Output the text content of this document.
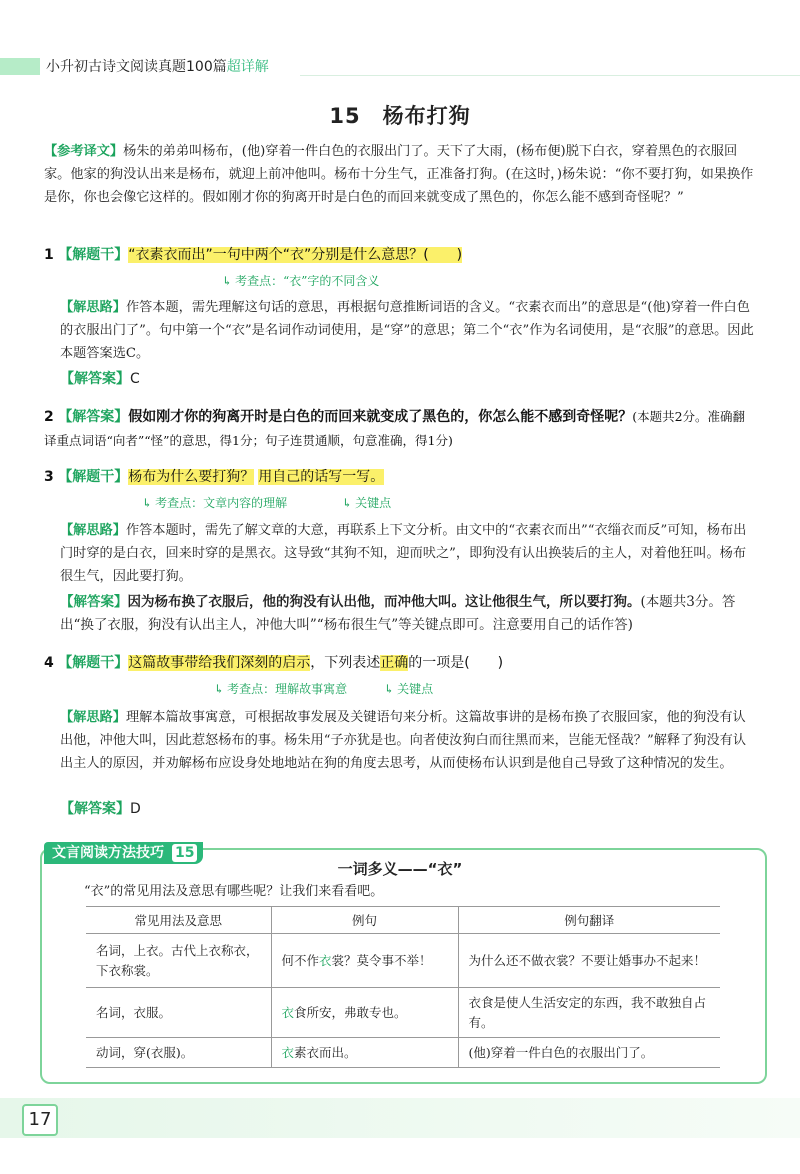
小升初古诗文阅读真题100篇超详解
15　杨布打狗
【参考译文】杨朱的弟弟叫杨布，(他)穿着一件白色的衣服出门了。天下了大雨，(杨布便)脱下白衣，穿着黑色的衣服回家。他家的狗没认出来是杨布，就迎上前冲他叫。杨布十分生气，正准备打狗。(在这时，)杨朱说：“你不要打狗，如果换作是你，你也会像它这样的。假如刚才你的狗离开时是白色的而回来就变成了黑色的，你怎么能不感到奇怪呢？”
1 【解题干】“衣素衣而出”一句中两个“衣”分别是什么意思？(　　)
↳ 考查点：“衣”字的不同含义
【解思路】作答本题，需先理解这句话的意思，再根据句意推断词语的含义。“衣素衣而出”的意思是“(他)穿着一件白色的衣服出门了”。句中第一个“衣”是名词作动词使用，是“穿”的意思；第二个“衣”作为名词使用，是“衣服”的意思。因此本题答案选C。
【解答案】C
2 【解答案】假如刚才你的狗离开时是白色的而回来就变成了黑色的，你怎么能不感到奇怪呢？(本题共2分。准确翻译重点词语“向者”“怪”的意思，得1分；句子连贯通顺，句意准确，得1分)
3 【解题干】杨布为什么要打狗？ 用自己的话写一写。
↳ 考查点：文章内容的理解	↳ 关键点
【解思路】作答本题时，需先了解文章的大意，再联系上下文分析。由文中的“衣素衣而出”“衣缁衣而反”可知，杨布出门时穿的是白衣，回来时穿的是黑衣。这导致“其狗不知，迎而吠之”，即狗没有认出换装后的主人，对着他狂叫。杨布很生气，因此要打狗。
【解答案】因为杨布换了衣服后，他的狗没有认出他，而冲他大叫。这让他很生气，所以要打狗。(本题共3分。答出“换了衣服，狗没有认出主人，冲他大叫”“杨布很生气”等关键点即可。注意要用自己的话作答)
4 【解题干】这篇故事带给我们深刻的启示，下列表述正确的一项是(　　)
↳ 考查点：理解故事寓意	↳ 关键点
【解思路】理解本篇故事寓意，可根据故事发展及关键语句来分析。这篇故事讲的是杨布换了衣服回家，他的狗没有认出他，冲他大叫，因此惹怒杨布的事。杨朱用“子亦犹是也。向者使汝狗白而往黑而来，岂能无怪哉？”解释了狗没有认出主人的原因，并劝解杨布应设身处地地站在狗的角度去思考，从而使杨布认识到是他自己导致了这种情况的发生。
【解答案】D
文言阅读方法技巧 15
一词多义——“衣”
“衣”的常见用法及意思有哪些呢？让我们来看看吧。
常见用法及意思	例句	例句翻译
名词，上衣。古代上衣称衣，下衣称裳。	何不作衣裳？莫令事不举！	为什么还不做衣裳？不要让婚事办不起来！
名词，衣服。	衣食所安，弗敢专也。	衣食是使人生活安定的东西，我不敢独自占有。
动词，穿(衣服)。	衣素衣而出。	(他)穿着一件白色的衣服出门了。
17
